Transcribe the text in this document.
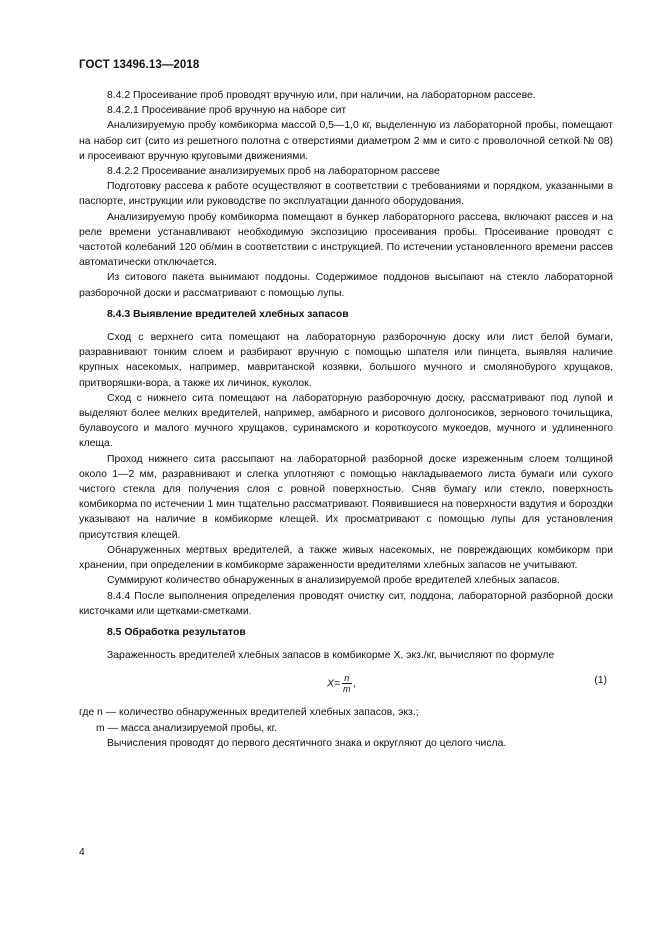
ГОСТ 13496.13—2018

8.4.2 Просеивание проб проводят вручную или, при наличии, на лабораторном рассеве.

8.4.2.1 Просеивание проб вручную на наборе сит

Анализируемую пробу комбикорма массой 0,5—1,0 кг, выделенную из лабораторной пробы, помещают на набор сит (сито из решетного полотна с отверстиями диаметром 2 мм и сито с проволочной сеткой № 08) и просеивают вручную круговыми движениями.

8.4.2.2 Просеивание анализируемых проб на лабораторном рассеве

Подготовку рассева к работе осуществляют в соответствии с требованиями и порядком, указанными в паспорте, инструкции или руководстве по эксплуатации данного оборудования.

Анализируемую пробу комбикорма помещают в бункер лабораторного рассева, включают рассев и на реле времени устанавливают необходимую экспозицию просеивания пробы. Просеивание проводят с частотой колебаний 120 об/мин в соответствии с инструкцией. По истечении установленного времени рассев автоматически отключается.

Из ситового пакета вынимают поддоны. Содержимое поддонов высыпают на стекло лабораторной разборочной доски и рассматривают с помощью лупы.

8.4.3 Выявление вредителей хлебных запасов

Сход с верхнего сита помещают на лабораторную разборочную доску или лист белой бумаги, разравнивают тонким слоем и разбирают вручную с помощью шпателя или пинцета, выявляя наличие крупных насекомых, например, мавританской козявки, большого мучного и смолянобурого хрущаков, притворяшки-вора, а также их личинок, куколок.

Сход с нижнего сита помещают на лабораторную разборочную доску, рассматривают под лупой и выделяют более мелких вредителей, например, амбарного и рисового долгоносиков, зернового точильщика, булавоусого и малого мучного хрущаков, суринамского и короткоусого мукоедов, мучного и удлиненного клеща.

Проход нижнего сита рассыпают на лабораторной разборной доске изреженным слоем толщиной около 1—2 мм, разравнивают и слегка уплотняют с помощью накладываемого листа бумаги или сухого чистого стекла для получения слоя с ровной поверхностью. Сняв бумагу или стекло, поверхность комбикорма по истечении 1 мин тщательно рассматривают. Появившиеся на поверхности вздутия и бороздки указывают на наличие в комбикорме клещей. Их просматривают с помощью лупы для установления присутствия клещей.

Обнаруженных мертвых вредителей, а также живых насекомых, не повреждающих комбикорм при хранении, при определении в комбикорме зараженности вредителями хлебных запасов не учитывают.

Суммируют количество обнаруженных в анализируемой пробе вредителей хлебных запасов.

8.4.4 После выполнения определения проводят очистку сит, поддона, лабораторной разборной доски кисточками или щетками-сметками.

8.5 Обработка результатов

Зараженность вредителей хлебных запасов в комбикорме X, экз./кг, вычисляют по формуле

$X= \frac{n}{m}$ ,	(1)

где n — количество обнаруженных вредителей хлебных запасов, экз.;

m — масса анализируемой пробы, кг.

Вычисления проводят до первого десятичного знака и округляют до целого числа.

4
